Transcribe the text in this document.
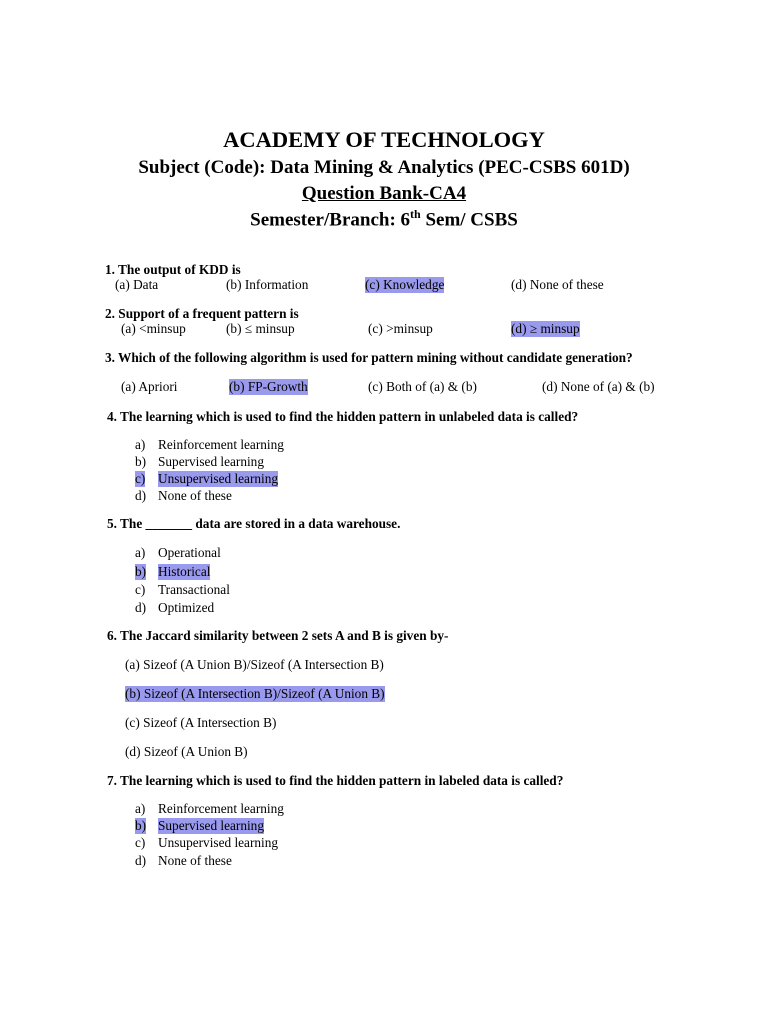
ACADEMY OF TECHNOLOGY
Subject (Code): Data Mining & Analytics (PEC-CSBS 601D)
Question Bank-CA4
Semester/Branch: 6th Sem/ CSBS
1. The output of KDD is
(a) Data	(b) Information	(c) Knowledge	(d) None of these
2. Support of a frequent pattern is
(a) <minsup	(b) ≤ minsup	(c) >minsup	(d) ≥ minsup
3. Which of the following algorithm is used for pattern mining without candidate generation?
(a) Apriori	(b) FP-Growth	(c) Both of (a) & (b)	(d) None of (a) & (b)
4. The learning which is used to find the hidden pattern in unlabeled data is called?
a) Reinforcement learning
b) Supervised learning
c) Unsupervised learning
d) None of these
5. The _______ data are stored in a data warehouse.
a) Operational
b) Historical
c) Transactional
d) Optimized
6. The Jaccard similarity between 2 sets A and B is given by-
(a) Sizeof (A Union B)/Sizeof (A Intersection B)
(b) Sizeof (A Intersection B)/Sizeof (A Union B)
(c) Sizeof (A Intersection B)
(d) Sizeof (A Union B)
7. The learning which is used to find the hidden pattern in labeled data is called?
a) Reinforcement learning
b) Supervised learning
c) Unsupervised learning
d) None of these
